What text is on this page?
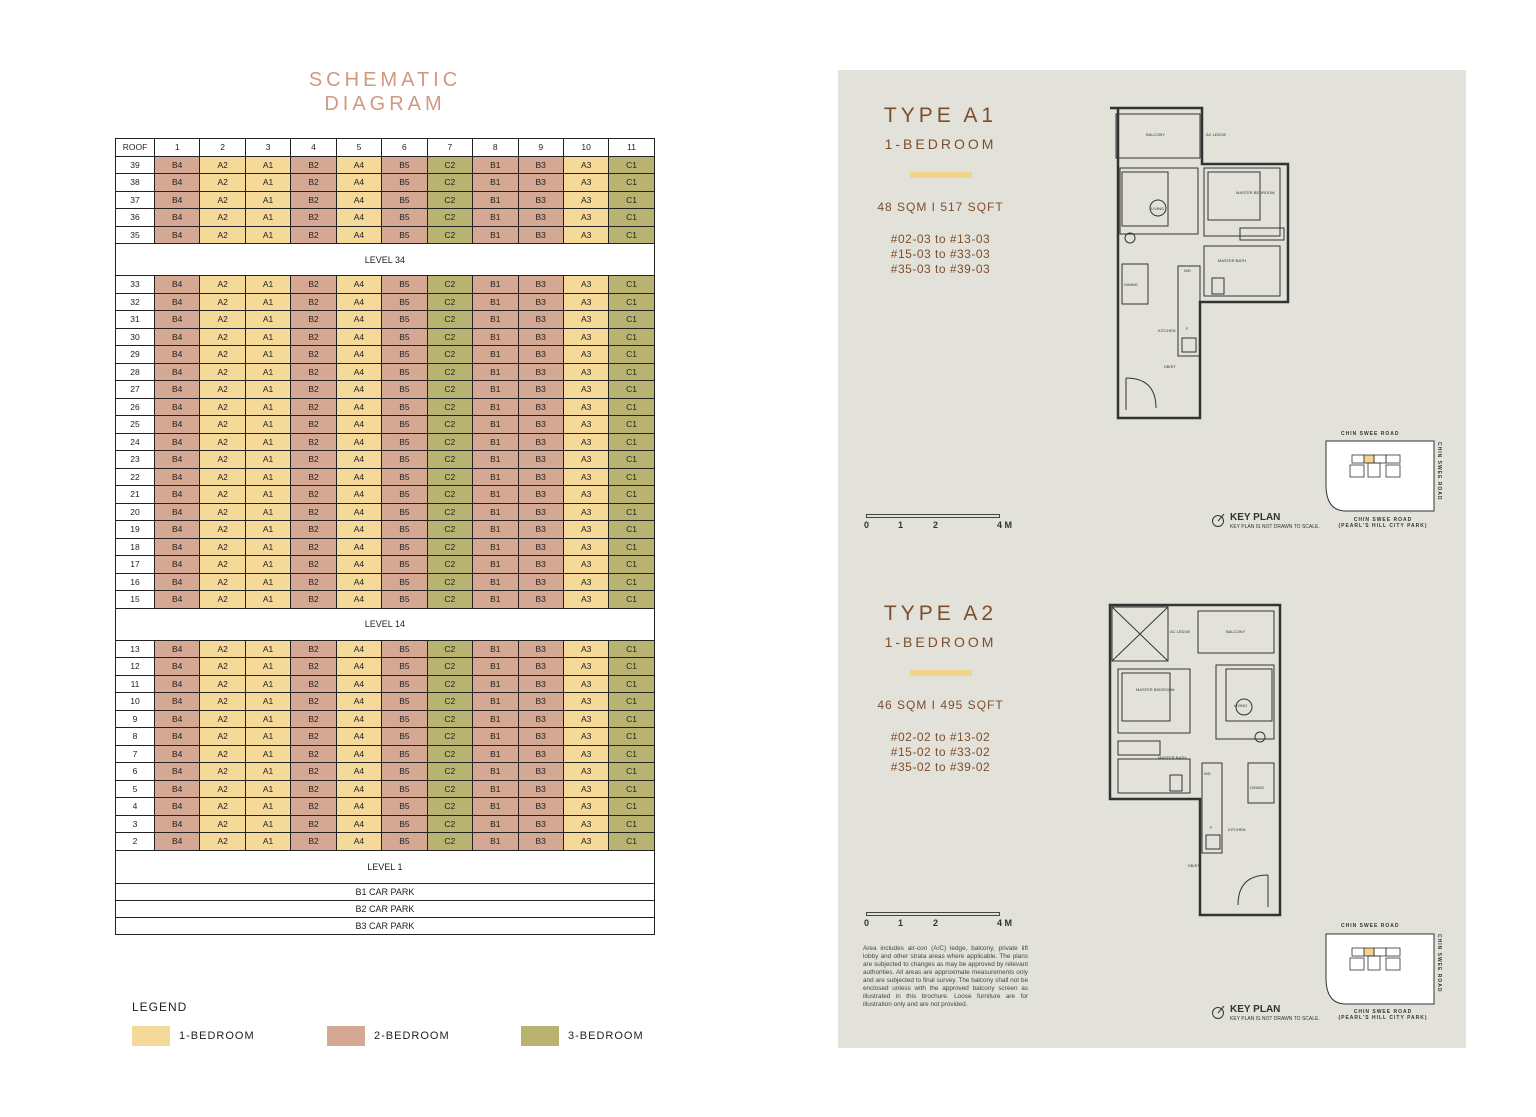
SCHEMATIC
DIAGRAM
ROOF	1	2	3	4	5	6	7	8	9	10	11
39	B4	A2	A1	B2	A4	B5	C2	B1	B3	A3	C1
38	B4	A2	A1	B2	A4	B5	C2	B1	B3	A3	C1
37	B4	A2	A1	B2	A4	B5	C2	B1	B3	A3	C1
36	B4	A2	A1	B2	A4	B5	C2	B1	B3	A3	C1
35	B4	A2	A1	B2	A4	B5	C2	B1	B3	A3	C1
LEVEL 34											
33	B4	A2	A1	B2	A4	B5	C2	B1	B3	A3	C1
32	B4	A2	A1	B2	A4	B5	C2	B1	B3	A3	C1
31	B4	A2	A1	B2	A4	B5	C2	B1	B3	A3	C1
30	B4	A2	A1	B2	A4	B5	C2	B1	B3	A3	C1
29	B4	A2	A1	B2	A4	B5	C2	B1	B3	A3	C1
28	B4	A2	A1	B2	A4	B5	C2	B1	B3	A3	C1
27	B4	A2	A1	B2	A4	B5	C2	B1	B3	A3	C1
26	B4	A2	A1	B2	A4	B5	C2	B1	B3	A3	C1
25	B4	A2	A1	B2	A4	B5	C2	B1	B3	A3	C1
24	B4	A2	A1	B2	A4	B5	C2	B1	B3	A3	C1
23	B4	A2	A1	B2	A4	B5	C2	B1	B3	A3	C1
22	B4	A2	A1	B2	A4	B5	C2	B1	B3	A3	C1
21	B4	A2	A1	B2	A4	B5	C2	B1	B3	A3	C1
20	B4	A2	A1	B2	A4	B5	C2	B1	B3	A3	C1
19	B4	A2	A1	B2	A4	B5	C2	B1	B3	A3	C1
18	B4	A2	A1	B2	A4	B5	C2	B1	B3	A3	C1
17	B4	A2	A1	B2	A4	B5	C2	B1	B3	A3	C1
16	B4	A2	A1	B2	A4	B5	C2	B1	B3	A3	C1
15	B4	A2	A1	B2	A4	B5	C2	B1	B3	A3	C1
LEVEL 14											
13	B4	A2	A1	B2	A4	B5	C2	B1	B3	A3	C1
12	B4	A2	A1	B2	A4	B5	C2	B1	B3	A3	C1
11	B4	A2	A1	B2	A4	B5	C2	B1	B3	A3	C1
10	B4	A2	A1	B2	A4	B5	C2	B1	B3	A3	C1
9	B4	A2	A1	B2	A4	B5	C2	B1	B3	A3	C1
8	B4	A2	A1	B2	A4	B5	C2	B1	B3	A3	C1
7	B4	A2	A1	B2	A4	B5	C2	B1	B3	A3	C1
6	B4	A2	A1	B2	A4	B5	C2	B1	B3	A3	C1
5	B4	A2	A1	B2	A4	B5	C2	B1	B3	A3	C1
4	B4	A2	A1	B2	A4	B5	C2	B1	B3	A3	C1
3	B4	A2	A1	B2	A4	B5	C2	B1	B3	A3	C1
2	B4	A2	A1	B2	A4	B5	C2	B1	B3	A3	C1
LEVEL 1											
B1 CAR PARK											
B2 CAR PARK											
B3 CAR PARK											
LEGEND
1-BEDROOM	2-BEDROOM	3-BEDROOM
TYPE A1
1-BEDROOM
48 SQM I 517 SQFT
#02-03 to #13-03
#15-03 to #33-03
#35-03 to #39-03
BALCONY	AC LEDGE
LIVING
MASTER BEDROOM
MASTER BATH
DINING
KITCHEN
WD
F
DB/ST
0	1	2	4 M
KEY PLAN
KEY PLAN IS NOT DRAWN TO SCALE.
CHIN SWEE ROAD
CHIN SWEE ROAD
CHIN SWEE ROAD
(PEARL'S HILL CITY PARK)
TYPE A2
1-BEDROOM
46 SQM I 495 SQFT
#02-02 to #13-02
#15-02 to #33-02
#35-02 to #39-02
AC LEDGE	BALCONY
MASTER BEDROOM
LIVING
MASTER BATH
WD
DINING
KITCHEN
F
DB/ST
0	1	2	4 M
Area includes air-con (A/C) ledge, balcony, private lift lobby and other strata areas where applicable. The plans are subjected to changes as may be approved by relevant authorities. All areas are approximate measurements only and are subjected to final survey. The balcony shall not be enclosed unless with the approved balcony screen as illustrated in this brochure. Loose furniture are for illustration only and are not provided.	KEY PLAN
KEY PLAN IS NOT DRAWN TO SCALE.
CHIN SWEE ROAD
CHIN SWEE ROAD
CHIN SWEE ROAD
(PEARL'S HILL CITY PARK)
